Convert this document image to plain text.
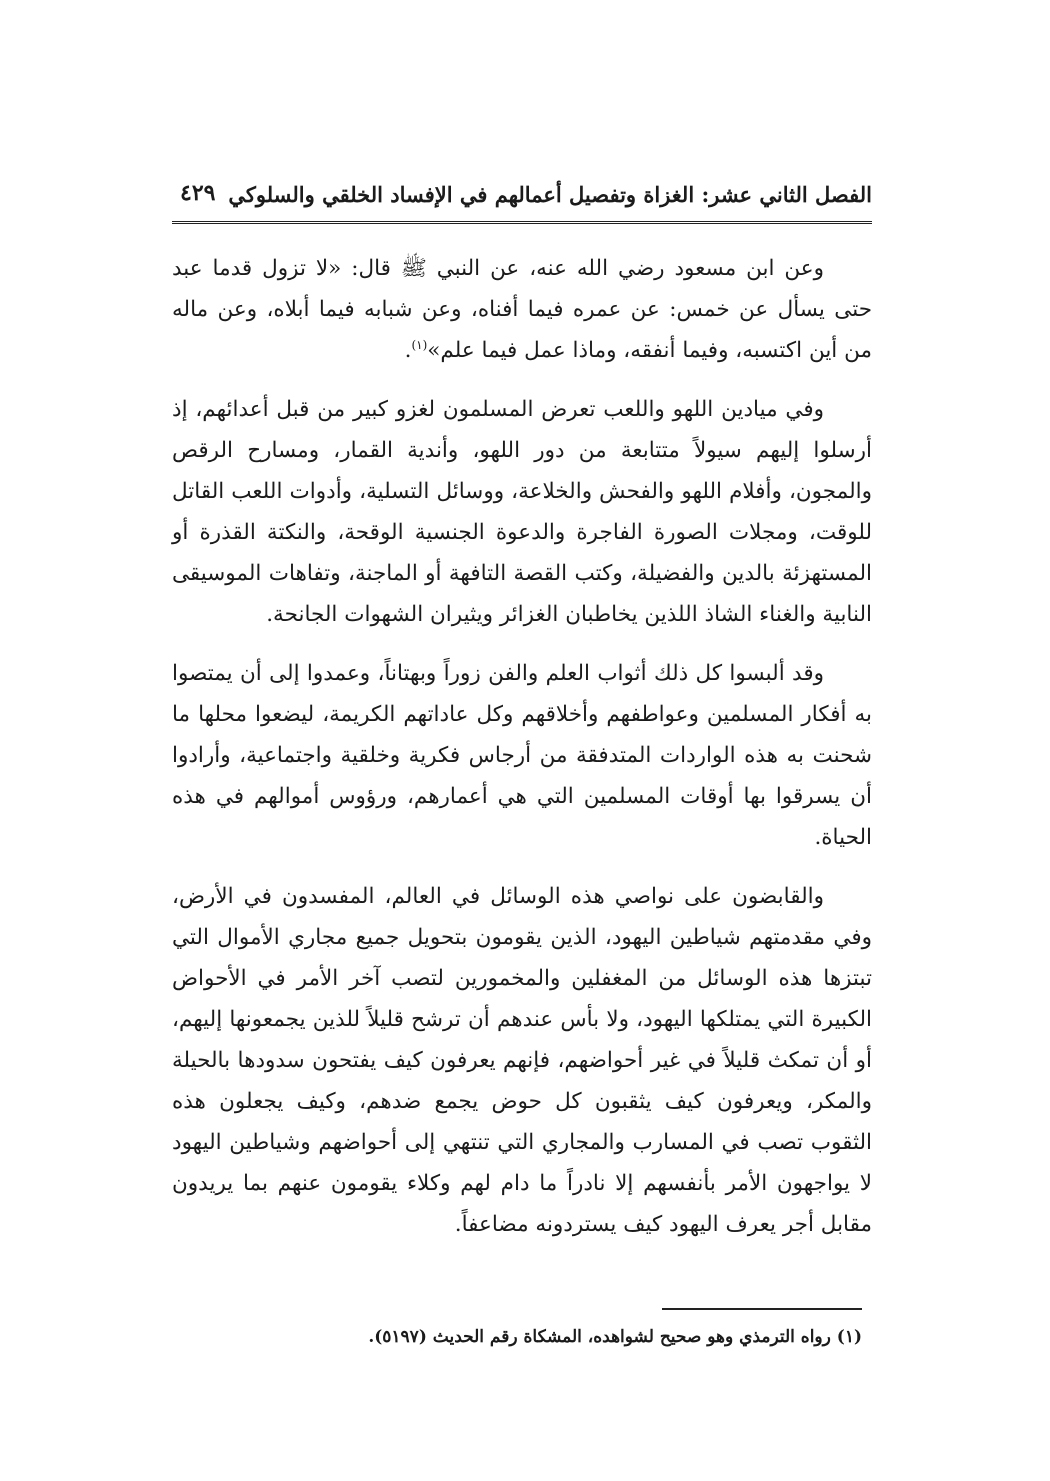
الفصل الثاني عشر: الغزاة وتفصيل أعمالهم في الإفساد الخلقي والسلوكي
٤٢٩

وعن ابن مسعود رضي الله عنه، عن النبي ﷺ قال: «لا تزول قدما عبد حتى يسأل عن خمس: عن عمره فيما أفناه، وعن شبابه فيما أبلاه، وعن ماله من أين اكتسبه، وفيما أنفقه، وماذا عمل فيما علم»$^{(١)}$.

وفي ميادين اللهو واللعب تعرض المسلمون لغزو كبير من قبل أعدائهم، إذ أرسلوا إليهم سيولاً متتابعة من دور اللهو، وأندية القمار، ومسارح الرقص والمجون، وأفلام اللهو والفحش والخلاعة، ووسائل التسلية، وأدوات اللعب القاتل للوقت، ومجلات الصورة الفاجرة والدعوة الجنسية الوقحة، والنكتة القذرة أو المستهزئة بالدين والفضيلة، وكتب القصة التافهة أو الماجنة، وتفاهات الموسيقى النابية والغناء الشاذ اللذين يخاطبان الغزائر ويثيران الشهوات الجانحة.

وقد ألبسوا كل ذلك أثواب العلم والفن زوراً وبهتاناً، وعمدوا إلى أن يمتصوا به أفكار المسلمين وعواطفهم وأخلاقهم وكل عاداتهم الكريمة، ليضعوا محلها ما شحنت به هذه الواردات المتدفقة من أرجاس فكرية وخلقية واجتماعية، وأرادوا أن يسرقوا بها أوقات المسلمين التي هي أعمارهم، ورؤوس أموالهم في هذه الحياة.

والقابضون على نواصي هذه الوسائل في العالم، المفسدون في الأرض، وفي مقدمتهم شياطين اليهود، الذين يقومون بتحويل جميع مجاري الأموال التي تبتزها هذه الوسائل من المغفلين والمخمورين لتصب آخر الأمر في الأحواض الكبيرة التي يمتلكها اليهود، ولا بأس عندهم أن ترشح قليلاً للذين يجمعونها إليهم، أو أن تمكث قليلاً في غير أحواضهم، فإنهم يعرفون كيف يفتحون سدودها بالحيلة والمكر، ويعرفون كيف يثقبون كل حوض يجمع ضدهم، وكيف يجعلون هذه الثقوب تصب في المسارب والمجاري التي تنتهي إلى أحواضهم وشياطين اليهود لا يواجهون الأمر بأنفسهم إلا نادراً ما دام لهم وكلاء يقومون عنهم بما يريدون مقابل أجر يعرف اليهود كيف يستردونه مضاعفاً.

(١) رواه الترمذي وهو صحيح لشواهده، المشكاة رقم الحديث (٥١٩٧).
